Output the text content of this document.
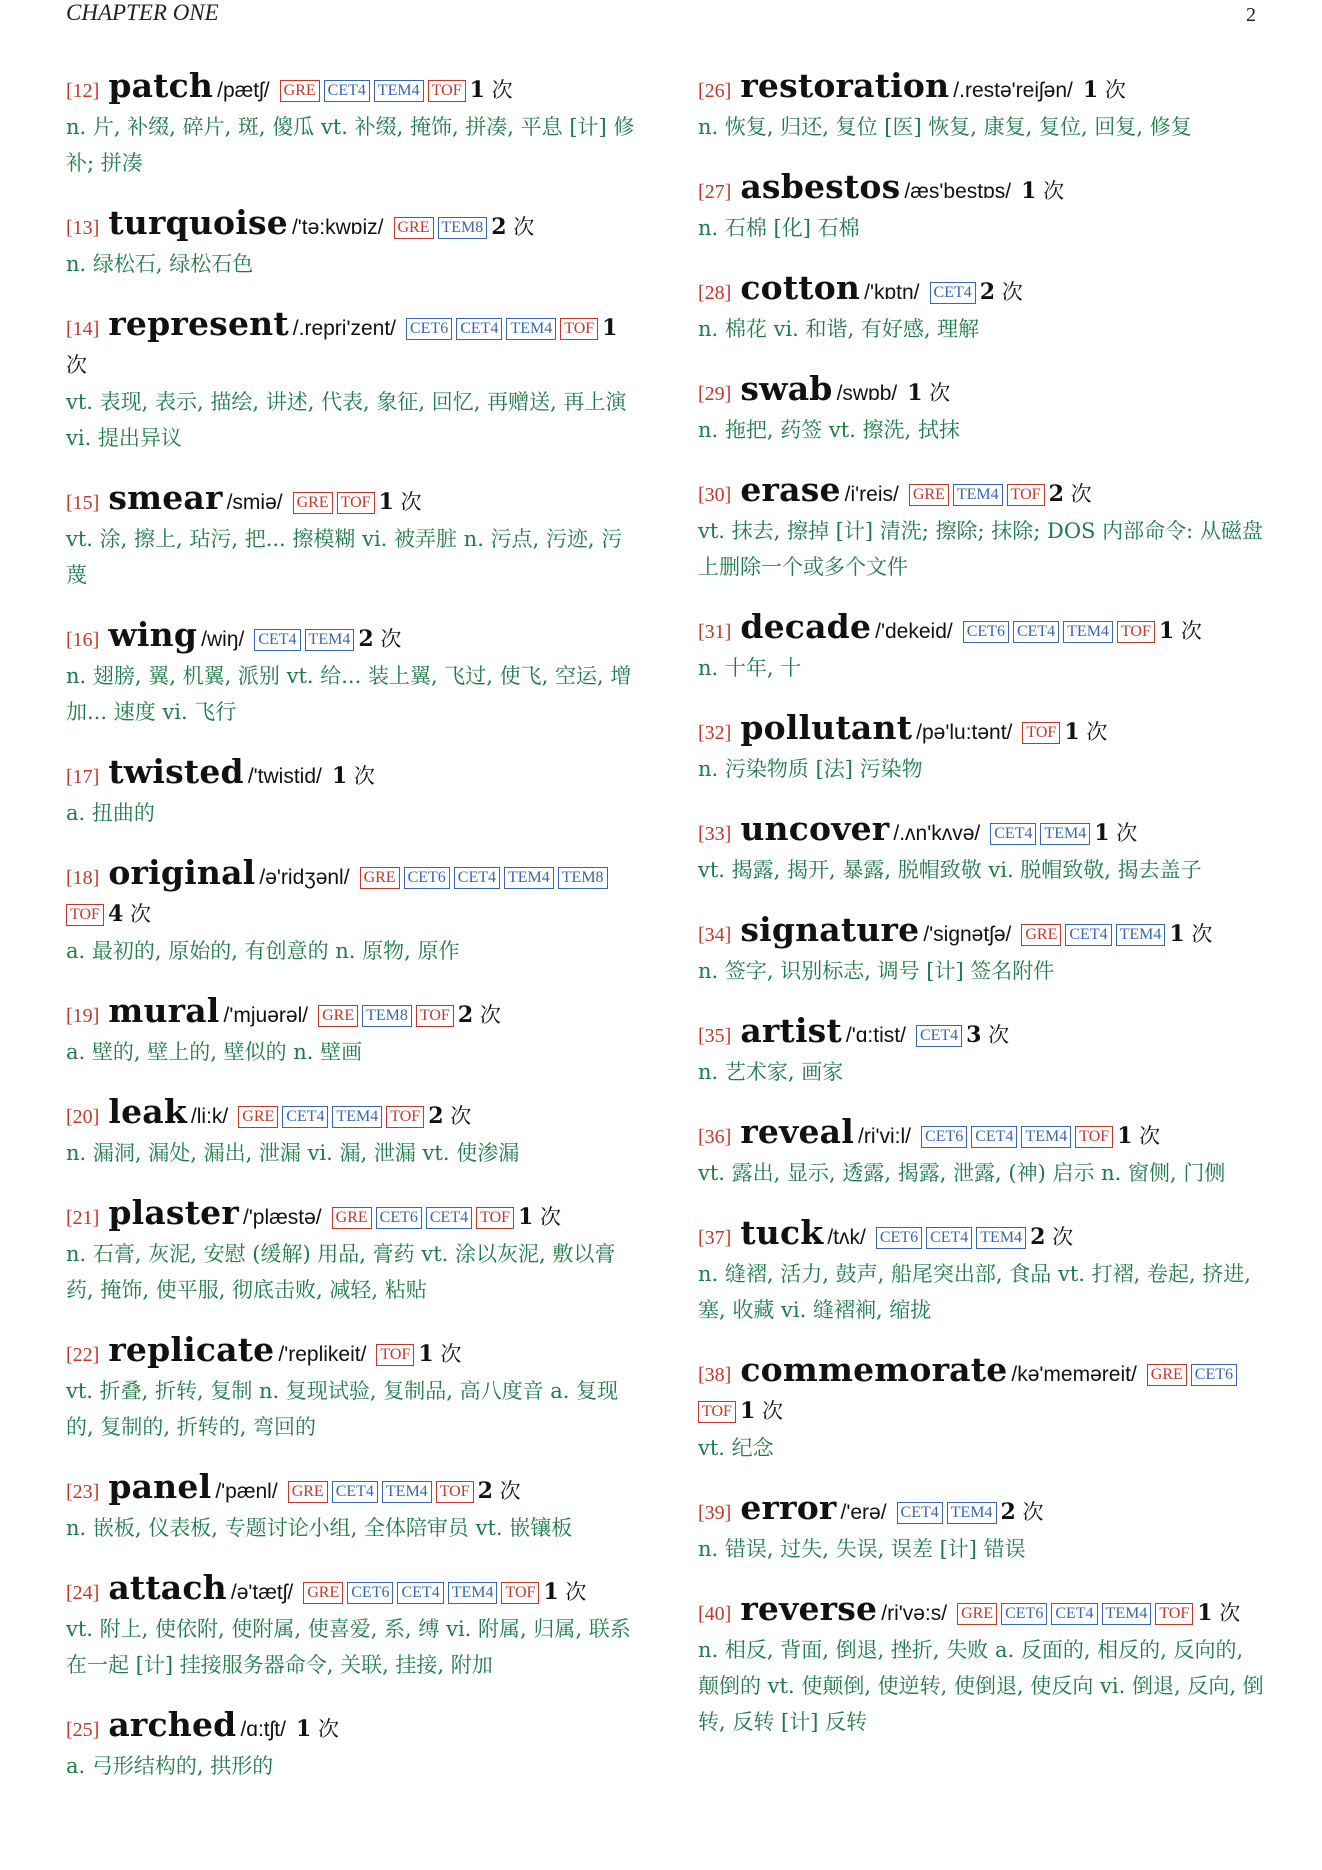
CHAPTER ONE	2
[12] patch /pætʃ/ GRE CET4 TEM4 TOF 1 次
n. 片, 补缀, 碎片, 斑, 傻瓜 vt. 补缀, 掩饰, 拼凑, 平息 [计] 修补; 拼凑
[13] turquoise /'tə:kwɒiz/ GRE TEM8 2 次
n. 绿松石, 绿松石色
[14] represent /.repri'zent/ CET6 CET4 TEM4 TOF 1 次
vt. 表现, 表示, 描绘, 讲述, 代表, 象征, 回忆, 再赠送, 再上演 vi. 提出异议
[15] smear /smiə/ GRE TOF 1 次
vt. 涂, 擦上, 玷污, 把... 擦模糊 vi. 被弄脏 n. 污点, 污迹, 污蔑
[16] wing /wiŋ/ CET4 TEM4 2 次
n. 翅膀, 翼, 机翼, 派别 vt. 给... 装上翼, 飞过, 使飞, 空运, 增加... 速度 vi. 飞行
[17] twisted /'twistid/ 1 次
a. 扭曲的
[18] original /ə'ridʒənl/ GRE CET6 CET4 TEM4 TEM8TOF 4 次
a. 最初的, 原始的, 有创意的 n. 原物, 原作
[19] mural /'mjuərəl/ GRE TEM8 TOF 2 次
a. 壁的, 壁上的, 壁似的 n. 壁画
[20] leak /li:k/ GRE CET4 TEM4 TOF 2 次
n. 漏洞, 漏处, 漏出, 泄漏 vi. 漏, 泄漏 vt. 使渗漏
[21] plaster /'plæstə/ GRE CET6 CET4 TOF 1 次
n. 石膏, 灰泥, 安慰 (缓解) 用品, 膏药 vt. 涂以灰泥, 敷以膏药, 掩饰, 使平服, 彻底击败, 减轻, 粘贴
[22] replicate /'replikeit/ TOF 1 次
vt. 折叠, 折转, 复制 n. 复现试验, 复制品, 高八度音 a. 复现的, 复制的, 折转的, 弯回的
[23] panel /'pænl/ GRE CET4 TEM4 TOF 2 次
n. 嵌板, 仪表板, 专题讨论小组, 全体陪审员 vt. 嵌镶板
[24] attach /ə'tætʃ/ GRE CET6 CET4 TEM4 TOF 1 次
vt. 附上, 使依附, 使附属, 使喜爱, 系, 缚 vi. 附属, 归属, 联系在一起 [计] 挂接服务器命令, 关联, 挂接, 附加
[25] arched /ɑ:tʃt/ 1 次
a. 弓形结构的, 拱形的
[26] restoration /.restə'reiʃən/ 1 次
n. 恢复, 归还, 复位 [医] 恢复, 康复, 复位, 回复, 修复
[27] asbestos /æs'bestɒs/ 1 次
n. 石棉 [化] 石棉
[28] cotton /'kɒtn/ CET4 2 次
n. 棉花 vi. 和谐, 有好感, 理解
[29] swab /swɒb/ 1 次
n. 拖把, 药签 vt. 擦洗, 拭抹
[30] erase /i'reis/ GRE TEM4 TOF 2 次
vt. 抹去, 擦掉 [计] 清洗; 擦除; 抹除; DOS 内部命令: 从磁盘上删除一个或多个文件
[31] decade /'dekeid/ CET6 CET4 TEM4 TOF 1 次
n. 十年, 十
[32] pollutant /pə'lu:tənt/ TOF 1 次
n. 污染物质 [法] 污染物
[33] uncover /.ʌn'kʌvə/ CET4 TEM4 1 次
vt. 揭露, 揭开, 暴露, 脱帽致敬 vi. 脱帽致敬, 揭去盖子
[34] signature /'signətʃə/ GRE CET4 TEM4 1 次
n. 签字, 识别标志, 调号 [计] 签名附件
[35] artist /'ɑ:tist/ CET4 3 次
n. 艺术家, 画家
[36] reveal /ri'vi:l/ CET6 CET4 TEM4 TOF 1 次
vt. 露出, 显示, 透露, 揭露, 泄露, (神) 启示 n. 窗侧, 门侧
[37] tuck /tʌk/ CET6 CET4 TEM4 2 次
n. 缝褶, 活力, 鼓声, 船尾突出部, 食品 vt. 打褶, 卷起, 挤进, 塞, 收藏 vi. 缝褶裥, 缩拢
[38] commemorate /kə'meməreit/ GRE CET6TOF 1 次
vt. 纪念
[39] error /'erə/ CET4 TEM4 2 次
n. 错误, 过失, 失误, 误差 [计] 错误
[40] reverse /ri'və:s/ GRE CET6 CET4 TEM4 TOF 1 次
n. 相反, 背面, 倒退, 挫折, 失败 a. 反面的, 相反的, 反向的, 颠倒的 vt. 使颠倒, 使逆转, 使倒退, 使反向 vi. 倒退, 反向, 倒转, 反转 [计] 反转
